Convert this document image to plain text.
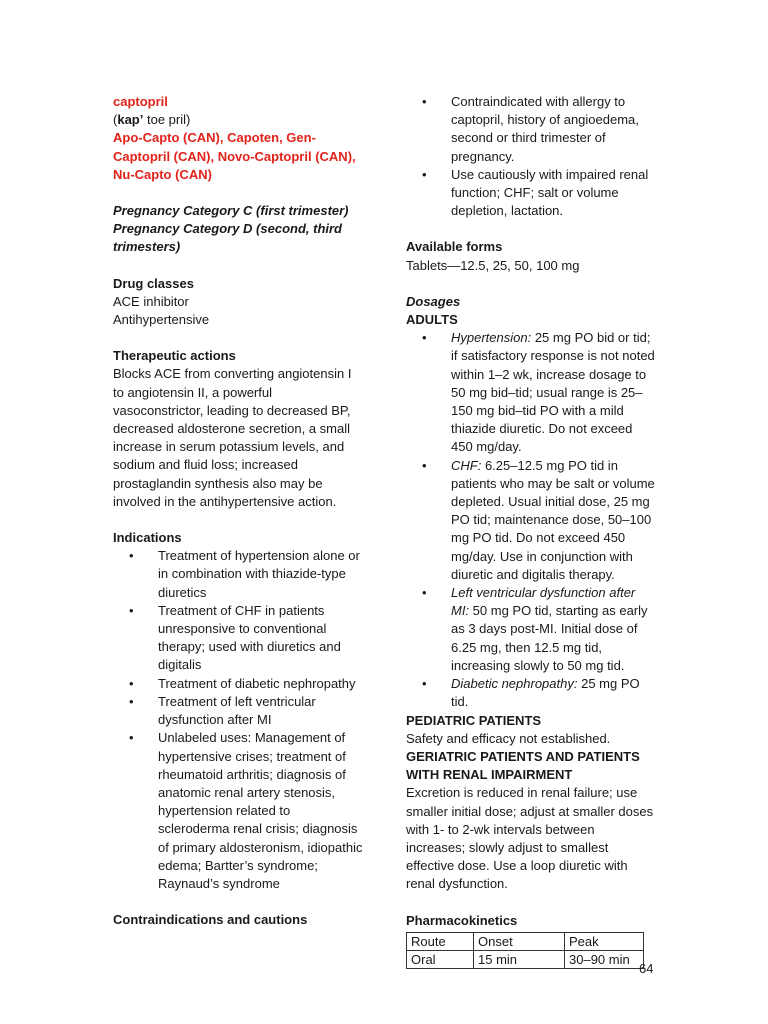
captopril

(kap’ toe pril)

Apo-Capto (CAN), Capoten, Gen-Captopril (CAN), Novo-Captopril (CAN), Nu-Capto (CAN)

Pregnancy Category C (first trimester)

Pregnancy Category D (second, third trimesters)

Drug classes

ACE inhibitor

Antihypertensive

Therapeutic actions

Blocks ACE from converting angiotensin I to angiotensin II, a powerful vasoconstrictor, leading to decreased BP, decreased aldosterone secretion, a small increase in serum potassium levels, and sodium and fluid loss; increased prostaglandin synthesis also may be involved in the antihypertensive action.

Indications

• Treatment of hypertension alone or in combination with thiazide-type diuretics
• Treatment of CHF in patients unresponsive to conventional therapy; used with diuretics and digitalis
• Treatment of diabetic nephropathy
• Treatment of left ventricular dysfunction after MI
• Unlabeled uses: Management of hypertensive crises; treatment of rheumatoid arthritis; diagnosis of anatomic renal artery stenosis, hypertension related to scleroderma renal crisis; diagnosis of primary aldosteronism, idiopathic edema; Bartter’s syndrome; Raynaud’s syndrome

Contraindications and cautions

• Contraindicated with allergy to captopril, history of angioedema, second or third trimester of pregnancy.
• Use cautiously with impaired renal function; CHF; salt or volume depletion, lactation.

Available forms

Tablets—12.5, 25, 50, 100 mg

Dosages

ADULTS

• Hypertension: 25 mg PO bid or tid; if satisfactory response is not noted within 1–2 wk, increase dosage to 50 mg bid–tid; usual range is 25–150 mg bid–tid PO with a mild thiazide diuretic. Do not exceed 450 mg/day.
• CHF: 6.25–12.5 mg PO tid in patients who may be salt or volume depleted. Usual initial dose, 25 mg PO tid; maintenance dose, 50–100 mg PO tid. Do not exceed 450 mg/day. Use in conjunction with diuretic and digitalis therapy.
• Left ventricular dysfunction after MI: 50 mg PO tid, starting as early as 3 days post-MI. Initial dose of 6.25 mg, then 12.5 mg tid, increasing slowly to 50 mg tid.
• Diabetic nephropathy: 25 mg PO tid.

PEDIATRIC PATIENTS

Safety and efficacy not established.

GERIATRIC PATIENTS AND PATIENTS WITH RENAL IMPAIRMENT

Excretion is reduced in renal failure; use smaller initial dose; adjust at smaller doses with 1- to 2-wk intervals between increases; slowly adjust to smallest effective dose. Use a loop diuretic with renal dysfunction.

Pharmacokinetics

Route	Onset	Peak
Oral	15 min	30–90 min
64
